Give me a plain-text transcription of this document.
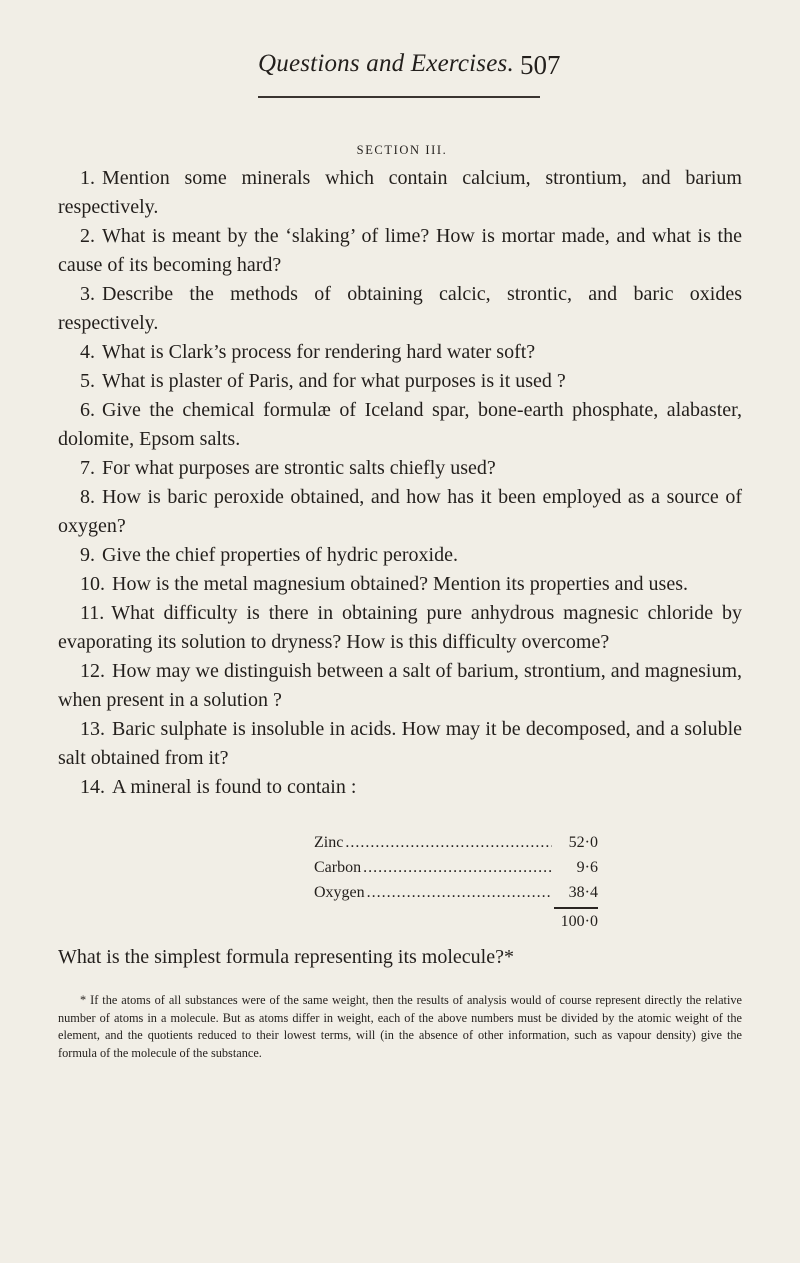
Questions and Exercises. 507
SECTION III.

1. Mention some minerals which contain calcium, strontium, and barium respectively.

2. What is meant by the ‘slaking’ of lime? How is mortar made, and what is the cause of its becoming hard?

3. Describe the methods of obtaining calcic, strontic, and baric oxides respectively.

4. What is Clark’s process for rendering hard water soft?

5. What is plaster of Paris, and for what purposes is it used ?

6. Give the chemical formulæ of Iceland spar, bone-earth phosphate, alabaster, dolomite, Epsom salts.

7. For what purposes are strontic salts chiefly used?

8. How is baric peroxide obtained, and how has it been employed as a source of oxygen?

9. Give the chief properties of hydric peroxide.

10. How is the metal magnesium obtained? Mention its properties and uses.

11. What difficulty is there in obtaining pure anhydrous magnesic chloride by evaporating its solution to dryness? How is this difficulty overcome?

12. How may we distinguish between a salt of barium, strontium, and magnesium, when present in a solution ?

13. Baric sulphate is insoluble in acids. How may it be decomposed, and a soluble salt obtained from it?

14. A mineral is found to contain :

Zinc .....	52·0
Carbon .....	9·6
Oxygen .....	38·4
100·0
What is the simplest formula representing its molecule?*

* If the atoms of all substances were of the same weight, then the results of analysis would of course represent directly the relative number of atoms in a molecule. But as atoms differ in weight, each of the above numbers must be divided by the atomic weight of the element, and the quotients reduced to their lowest terms, will (in the absence of other information, such as vapour density) give the formula of the molecule of the substance.
